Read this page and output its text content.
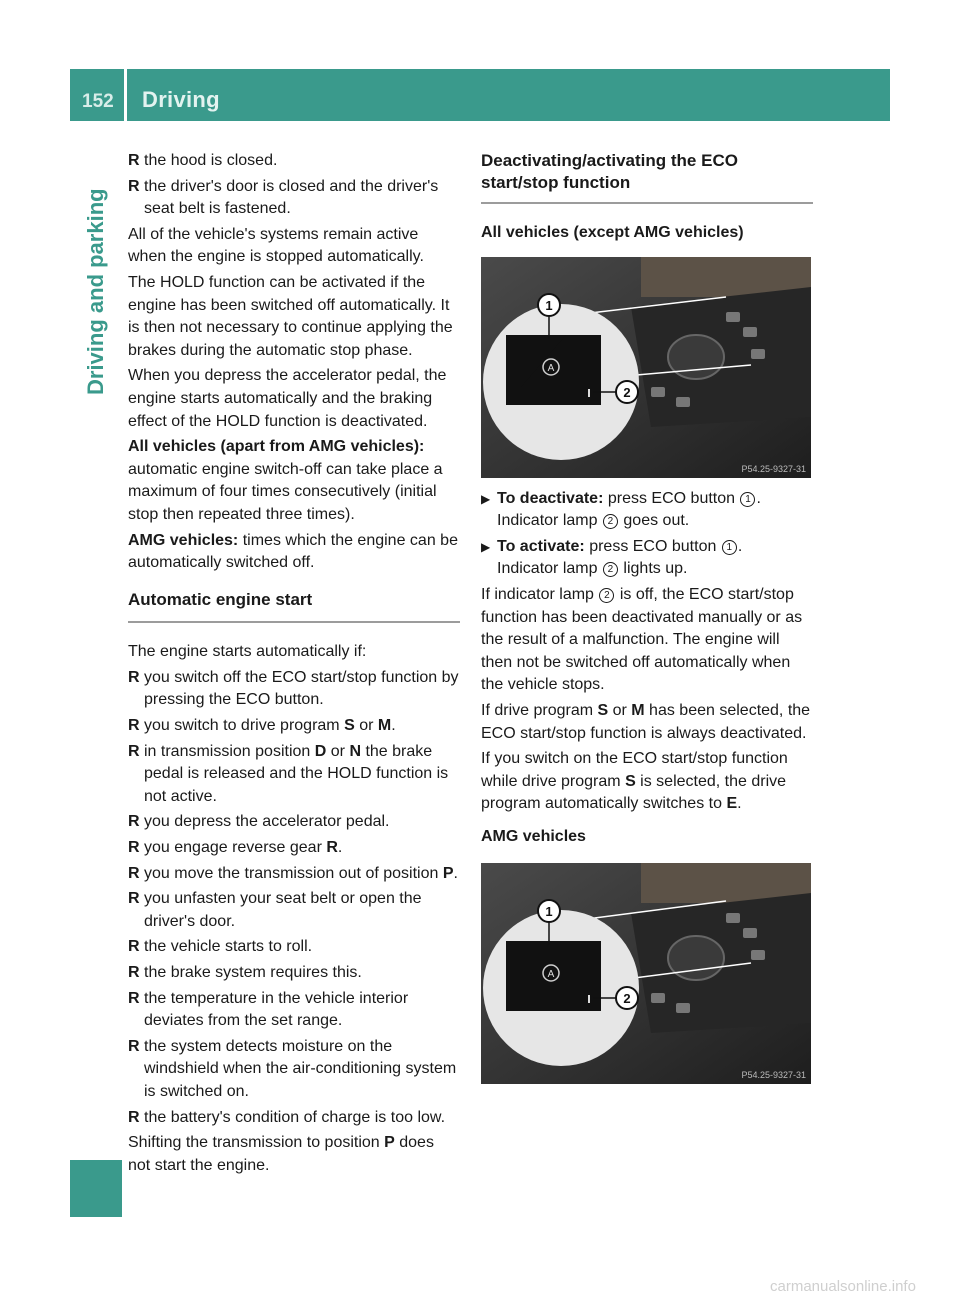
152 Driving
Driving and parking
R the hood is closed.
R the driver's door is closed and the driver's seat belt is fastened.

All of the vehicle's systems remain active when the engine is stopped automatically.

The HOLD function can be activated if the engine has been switched off automatically. It is then not necessary to continue applying the brakes during the automatic stop phase.

When you depress the accelerator pedal, the engine starts automatically and the braking effect of the HOLD function is deactivated.

All vehicles (apart from AMG vehicles):
automatic engine switch-off can take place a maximum of four times consecutively (initial stop then repeated three times).

AMG vehicles: times which the engine can be automatically switched off.

Automatic engine start

The engine starts automatically if:

R you switch off the ECO start/stop function by pressing the ECO button.
R you switch to drive program S or M.
R in transmission position D or N the brake pedal is released and the HOLD function is not active.
R you depress the accelerator pedal.
R you engage reverse gear R.
R you move the transmission out of position P.
R you unfasten your seat belt or open the driver's door.
R the vehicle starts to roll.
R the brake system requires this.
R the temperature in the vehicle interior deviates from the set range.
R the system detects moisture on the windshield when the air-conditioning system is switched on.
R the battery's condition of charge is too low.

Shifting the transmission to position P does not start the engine.

Deactivating/activating the ECO start/stop function

All vehicles (except AMG vehicles)

A
1
2
P54.25-9327-31
▶ To deactivate: press ECO button 1 .
Indicator lamp 2 goes out.
▶ To activate: press ECO button 1 .
Indicator lamp 2 lights up.

If indicator lamp 2 is off, the ECO start/stop function has been deactivated manually or as the result of a malfunction. The engine will then not be switched off automatically when the vehicle stops.

If drive program S or M has been selected, the ECO start/stop function is always deactivated.

If you switch on the ECO start/stop function while drive program S is selected, the drive program automatically switches to E.

AMG vehicles

A
1
2
P54.25-9327-31
carmanualsonline.info
